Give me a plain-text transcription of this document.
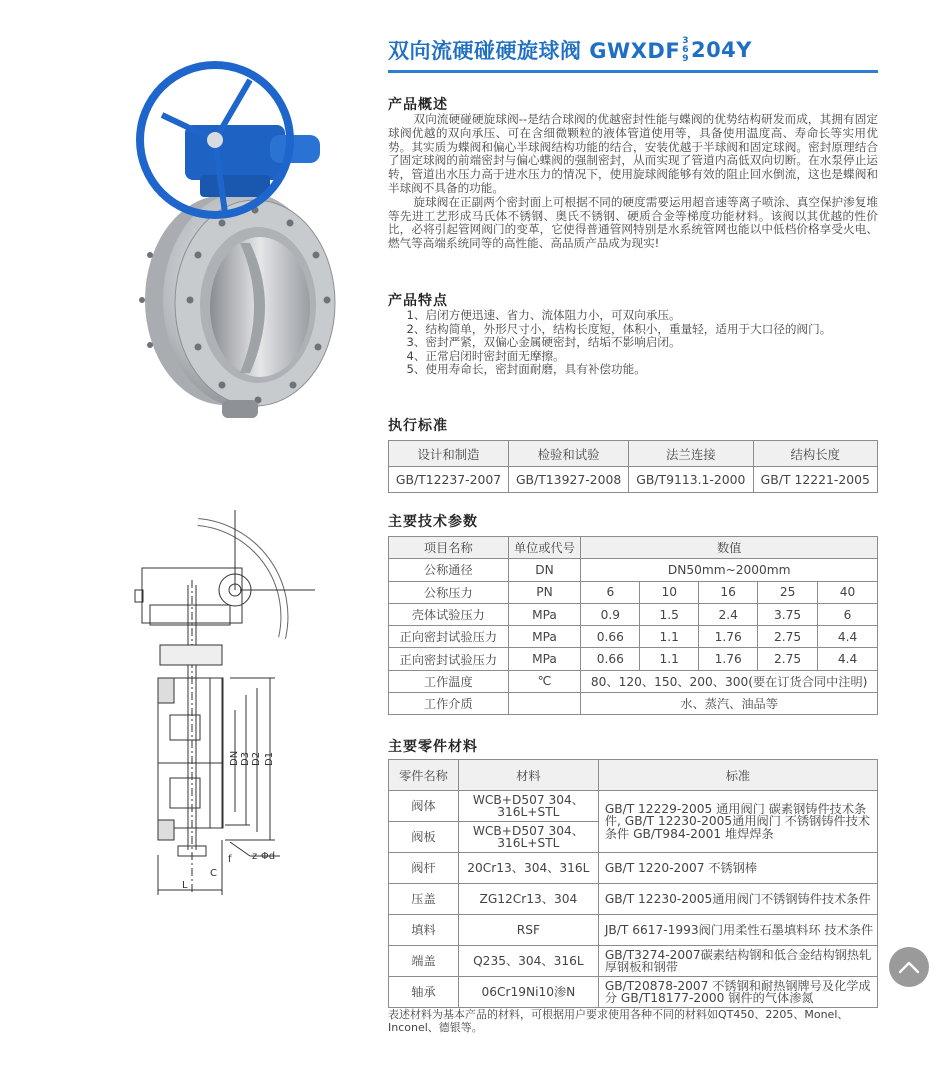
DN D3 D2 D1
z-Φd
f
C
L
双向流硬碰硬旋球阀 GWXDF 3
6
9 204Y
产品概述

双向流硬碰硬旋球阀--是结合球阀的优越密封性能与蝶阀的优势结构研发而成，其拥有固定球阀优越的双向承压、可在含细微颗粒的液体管道使用等，具备使用温度高、寿命长等实用优势。其实质为蝶阀和偏心半球阀结构功能的结合，安装优越于半球阀和固定球阀。密封原理结合了固定球阀的前端密封与偏心蝶阀的强制密封，从而实现了管道内高低双向切断。在水泵停止运转，管道出水压力高于进水压力的情况下，使用旋球阀能够有效的阻止回水倒流，这也是蝶阀和半球阀不具备的功能。

旋球阀在正副两个密封面上可根据不同的硬度需要运用超音速等离子喷涂、真空保护渗复堆等先进工艺形成马氏体不锈钢、奥氏不锈钢、硬质合金等梯度功能材料。该阀以其优越的性价比，必将引起管网阀门的变革，它使得普通管网特别是水系统管网也能以中低档价格享受火电、燃气等高端系统同等的高性能、高品质产品成为现实!

产品特点
1、启闭方便迅速、省力、流体阻力小，可双向承压。
2、结构简单，外形尺寸小，结构长度短，体积小，重量轻，适用于大口径的阀门。
3、密封严紧，双偏心金属硬密封，结垢不影响启闭。
4、正常启闭时密封面无摩擦。
5、使用寿命长，密封面耐磨，具有补偿功能。
执行标准
设计和制造	检验和试验	法兰连接	结构长度
GB/T12237-2007	GB/T13927-2008	GB/T9113.1-2000	GB/T 12221-2005
主要技术参数
项目名称	单位或代号	数值				
公称通径	DN	DN50mm~2000mm				
公称压力	PN	6	10	16	25	40
壳体试验压力	MPa	0.9	1.5	2.4	3.75	6
正向密封试验压力	MPa	0.66	1.1	1.76	2.75	4.4
正向密封试验压力	MPa	0.66	1.1	1.76	2.75	4.4
工作温度	℃	80、120、150、200、300(要在订货合同中注明)				
工作介质		水、蒸汽、油品等				
主要零件材料
零件名称	材料	标准
阀体	WCB+D507 304、316L+STL	GB/T 12229-2005 通用阀门 碳素钢铸件技术条件, GB/T 12230-2005通用阀门 不锈钢铸件技术条件 GB/T984-2001 堆焊焊条
阀板	WCB+D507 304、316L+STL	
阀杆	20Cr13、304、316L	GB/T 1220-2007 不锈钢棒
压盖	ZG12Cr13、304	GB/T 12230-2005通用阀门不锈钢铸件技术条件
填料	RSF	JB/T 6617-1993阀门用柔性石墨填料环 技术条件
端盖	Q235、304、316L	GB/T3274-2007碳素结构钢和低合金结构钢热轧厚钢板和钢带
轴承	06Cr19Ni10渗N	GB/T20878-2007 不锈钢和耐热钢牌号及化学成分 GB/T18177-2000 钢件的气体渗氮
表述材料为基本产品的材料，可根据用户要求使用各种不同的材料如QT450、2205、Monel、Inconel、德银等。
